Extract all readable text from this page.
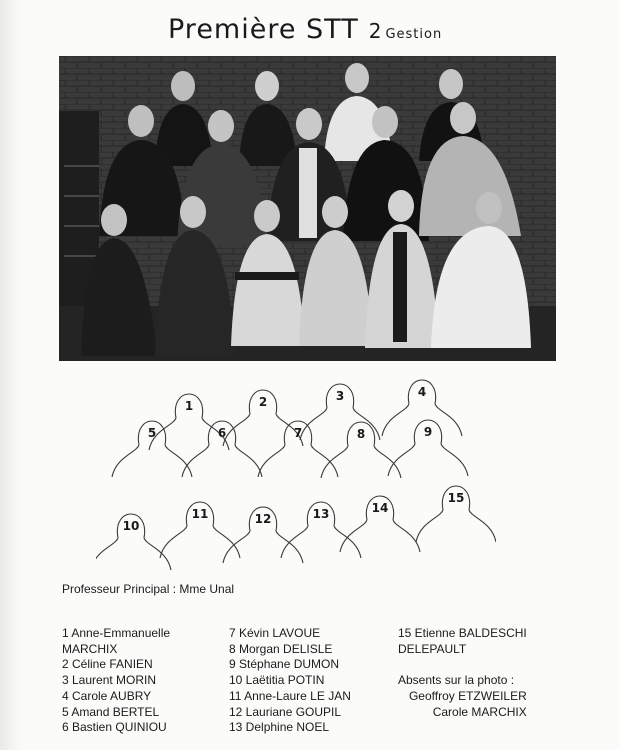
Première STT 2 Gestion
1	2	3	4
5	6	7	8	9
10
11	12	13	14
15
Professeur Principal : Mme Unal
1 Anne-Emmanuelle
MARCHIX
2 Céline FANIEN
3 Laurent MORIN
4 Carole AUBRY
5 Amand BERTEL
6 Bastien QUINIOU
7 Kévin LAVOUE
8 Morgan DELISLE
9 Stéphane DUMON
10 Laëtitia POTIN
11 Anne-Laure LE JAN
12 Lauriane GOUPIL
13 Delphine NOEL
15 Etienne BALDESCHI
DELEPAULT
Absents sur la photo :
Geoffroy ETZWEILER
Carole MARCHIX
